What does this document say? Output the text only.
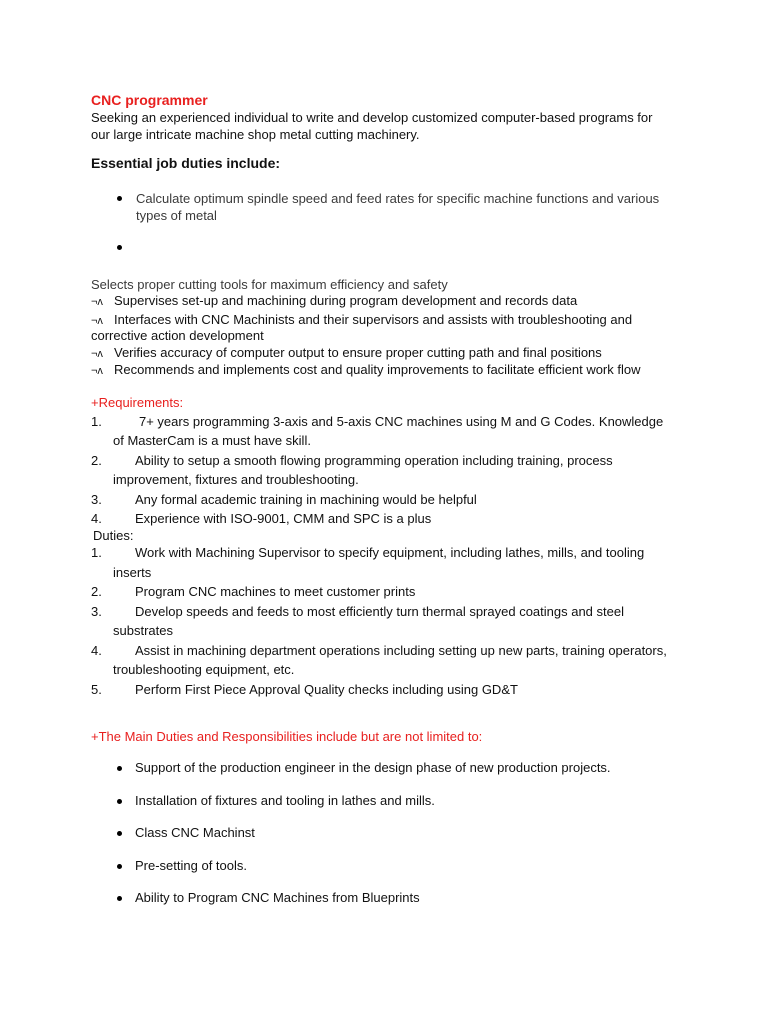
CNC programmer
Seeking an experienced individual to write and develop customized computer-based programs for
our large intricate machine shop metal cutting machinery.
Essential job duties include:
Calculate optimum spindle speed and feed rates for specific machine functions and various
types of metal
Selects proper cutting tools for maximum efficiency and safety
¬ʌ Supervises set-up and machining during program development and records data
¬ʌ Interfaces with CNC Machinists and their supervisors and assists with troubleshooting and
corrective action development
¬ʌ Verifies accuracy of computer output to ensure proper cutting path and final positions
¬ʌ Recommends and implements cost and quality improvements to facilitate efficient work flow
+Requirements:
1.	7+ years programming 3-axis and 5-axis CNC machines using M and G Codes. Knowledge
of MasterCam is a must have skill.
2.	Ability to setup a smooth flowing programming operation including training, process
improvement, fixtures and troubleshooting.
3.	Any formal academic training in machining would be helpful
4.	Experience with ISO-9001, CMM and SPC is a plus
Duties:
1.	Work with Machining Supervisor to specify equipment, including lathes, mills, and tooling
inserts
2.	Program CNC machines to meet customer prints
3.	Develop speeds and feeds to most efficiently turn thermal sprayed coatings and steel
substrates
4.	Assist in machining department operations including setting up new parts, training operators,
troubleshooting equipment, etc.
5.	Perform First Piece Approval Quality checks including using GD&T
+The Main Duties and Responsibilities include but are not limited to:
Support of the production engineer in the design phase of new production projects.
Installation of fixtures and tooling in lathes and mills.
Class CNC Machinst
Pre-setting of tools.
Ability to Program CNC Machines from Blueprints
